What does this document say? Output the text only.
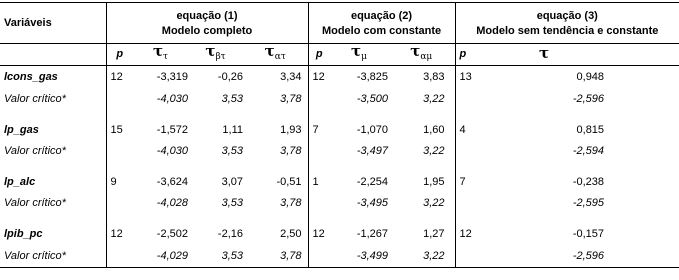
Variáveis	equação (1)				equação (2)			equação (3)		
	Modelo completo				Modelo com constante			Modelo sem tendência e constante		
	p	$\tau_\tau$	$\tau_{\beta\tau}$	$\tau_{\alpha\tau}$	p	$\tau_\mu$	$\tau_{\alpha\mu}$	p	τ	
lcons_gas	12	-3,319	-0,26	3,34	12	-3,825	3,83	13	0,948	
Valor crítico*		-4,030	3,53	3,78		-3,500	3,22		-2,596	

lp_gas	15	-1,572	1,11	1,93	7	-1,070	1,60	4	0,815	
Valor crítico*		-4,030	3,53	3,78		-3,497	3,22		-2,594	

lp_alc	9	-3,624	3,07	-0,51	1	-2,254	1,95	7	-0,238	
Valor crítico*		-4,028	3,53	3,78		-3,495	3,22		-2,595	

lpib_pc	12	-2,502	-2,16	2,50	12	-1,267	1,27	12	-0,157	
Valor crítico*		-4,029	3,53	3,78		-3,499	3,22		-2,596	
